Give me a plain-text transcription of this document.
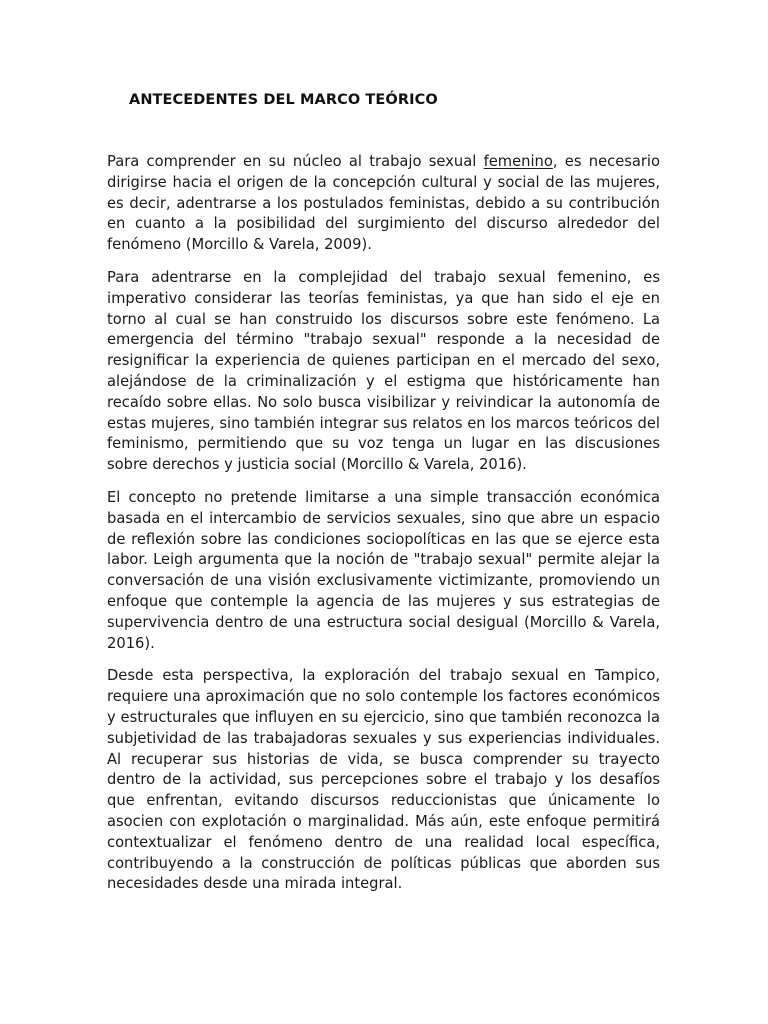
ANTECEDENTES DEL MARCO TEÓRICO

Para comprender en su núcleo al trabajo sexual femenino, es necesario dirigirse hacia el origen de la concepción cultural y social de las mujeres, es decir, adentrarse a los postulados feministas, debido a su contribución en cuanto a la posibilidad del surgimiento del discurso alrededor del fenómeno (Morcillo & Varela, 2009).

Para adentrarse en la complejidad del trabajo sexual femenino, es imperativo considerar las teorías feministas, ya que han sido el eje en torno al cual se han construido los discursos sobre este fenómeno. La emergencia del término "trabajo sexual" responde a la necesidad de resignificar la experiencia de quienes participan en el mercado del sexo, alejándose de la criminalización y el estigma que históricamente han recaído sobre ellas. No solo busca visibilizar y reivindicar la autonomía de estas mujeres, sino también integrar sus relatos en los marcos teóricos del feminismo, permitiendo que su voz tenga un lugar en las discusiones sobre derechos y justicia social (Morcillo & Varela, 2016).

El concepto no pretende limitarse a una simple transacción económica basada en el intercambio de servicios sexuales, sino que abre un espacio de reflexión sobre las condiciones sociopolíticas en las que se ejerce esta labor. Leigh argumenta que la noción de "trabajo sexual" permite alejar la conversación de una visión exclusivamente victimizante, promoviendo un enfoque que contemple la agencia de las mujeres y sus estrategias de supervivencia dentro de una estructura social desigual (Morcillo & Varela, 2016).

Desde esta perspectiva, la exploración del trabajo sexual en Tampico, requiere una aproximación que no solo contemple los factores económicos y estructurales que influyen en su ejercicio, sino que también reconozca la subjetividad de las trabajadoras sexuales y sus experiencias individuales. Al recuperar sus historias de vida, se busca comprender su trayecto dentro de la actividad, sus percepciones sobre el trabajo y los desafíos que enfrentan, evitando discursos reduccionistas que únicamente lo asocien con explotación o marginalidad. Más aún, este enfoque permitirá contextualizar el fenómeno dentro de una realidad local específica, contribuyendo a la construcción de políticas públicas que aborden sus necesidades desde una mirada integral.
